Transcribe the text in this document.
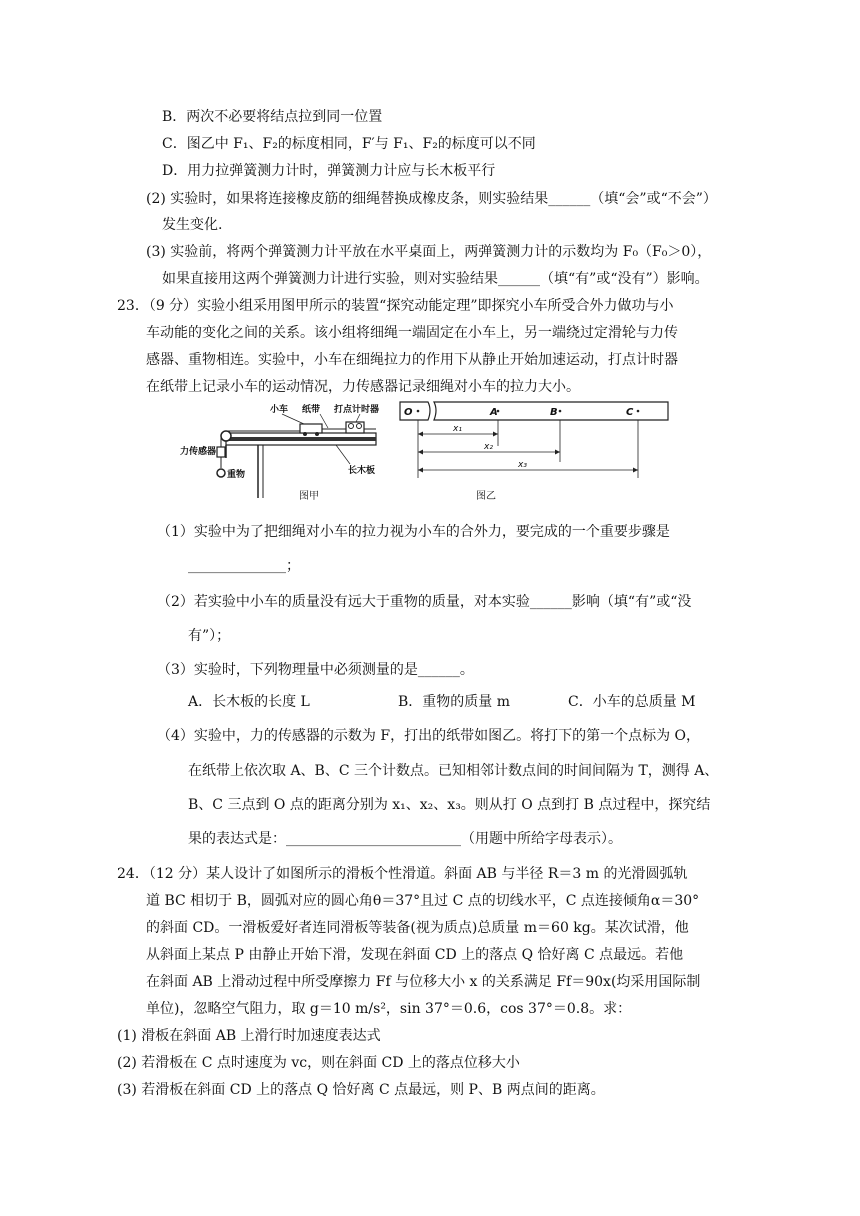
B．两次不必要将结点拉到同一位置
C．图乙中 F₁、F₂的标度相同，F′与 F₁、F₂的标度可以不同
D．用力拉弹簧测力计时，弹簧测力计应与长木板平行
(2) 实验时，如果将连接橡皮筋的细绳替换成橡皮条，则实验结果______（填“会”或“不会”）
发生变化.
(3) 实验前，将两个弹簧测力计平放在水平桌面上，两弹簧测力计的示数均为 F₀（F₀＞0），
如果直接用这两个弹簧测力计进行实验，则对实验结果______（填“有”或“没有”）影响。
23．（9 分）实验小组采用图甲所示的装置“探究动能定理”即探究小车所受合外力做功与小
车动能的变化之间的关系。该小组将细绳一端固定在小车上，另一端绕过定滑轮与力传
感器、重物相连。实验中，小车在细绳拉力的作用下从静止开始加速运动，打点计时器
在纸带上记录小车的运动情况，力传感器记录细绳对小车的拉力大小。
（1）实验中为了把细绳对小车的拉力视为小车的合外力，要完成的一个重要步骤是
______________；
（2）若实验中小车的质量没有远大于重物的质量，对本实验______影响（填“有”或“没
有”）；
（3）实验时，下列物理量中必须测量的是______。
A．长木板的长度 L	B．重物的质量 m	C．小车的总质量 M
（4）实验中，力的传感器的示数为 F，打出的纸带如图乙。将打下的第一个点标为 O，
在纸带上依次取 A、B、C 三个计数点。已知相邻计数点间的时间间隔为 T，测得 A、
B、C 三点到 O 点的距离分别为 x₁、x₂、x₃。则从打 O 点到打 B 点过程中，探究结
果的表达式是：_________________________（用题中所给字母表示）。
24．（12 分）某人设计了如图所示的滑板个性滑道。斜面 AB 与半径 R＝3 m 的光滑圆弧轨
道 BC 相切于 B，圆弧对应的圆心角θ＝37°且过 C 点的切线水平，C 点连接倾角α＝30°
的斜面 CD。一滑板爱好者连同滑板等装备(视为质点)总质量 m＝60 kg。某次试滑，他
从斜面上某点 P 由静止开始下滑，发现在斜面 CD 上的落点 Q 恰好离 C 点最远。若他
在斜面 AB 上滑动过程中所受摩擦力 Ff 与位移大小 x 的关系满足 Ff＝90x(均采用国际制
单位)，忽略空气阻力，取 g＝10 m/s²，sin 37°＝0.6，cos 37°＝0.8。求：
(1) 滑板在斜面 AB 上滑行时加速度表达式
(2) 若滑板在 C 点时速度为 vc，则在斜面 CD 上的落点位移大小
(3) 若滑板在斜面 CD 上的落点 Q 恰好离 C 点最远，则 P、B 两点间的距离。
小车 纸带 打点计时器
力传感器
重物	长木板
图甲
O	A	B	C
x₁
x₂
x₃
图乙
